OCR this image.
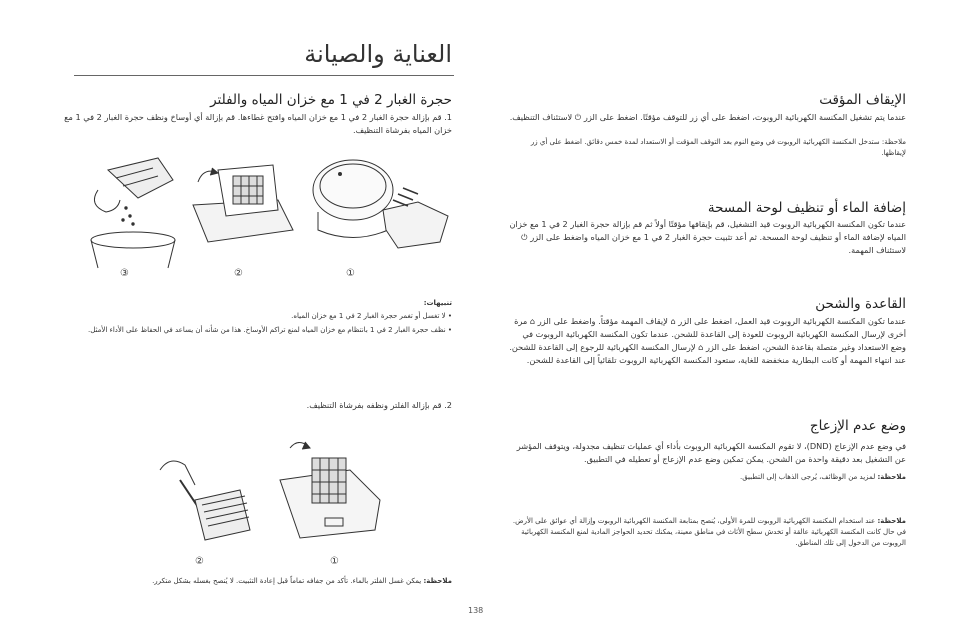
العناية والصيانة
حجرة الغبار 2 في 1 مع خزان المياه والفلتر
1. قم بإزالة حجرة الغبار 2 في 1 مع خزان المياه وافتح غطاءها. قم بإزالة أي أوساخ ونظف حجرة الغبار 2 في 1 مع خزان المياه بفرشاة التنظيف.
③	②	①
تنبيهات:
• لا تغسل أو تغمر حجرة الغبار 2 في 1 مع خزان المياه.
• نظف حجرة الغبار 2 في 1 بانتظام مع خزان المياه لمنع تراكم الأوساخ. هذا من شأنه أن يساعد في الحفاظ على الأداء الأمثل.
2. قم بإزالة الفلتر ونظفه بفرشاة التنظيف.
②	①
ملاحظة: يمكن غسل الفلتر بالماء. تأكد من جفافه تماماً قبل إعادة التثبيت. لا يُنصح بغسله بشكل متكرر.
الإيقاف المؤقت
عندما يتم تشغيل المكنسة الكهربائية الروبوت، اضغط على أي زر للتوقف مؤقتًا. اضغط على الزر ⏻ لاستئناف التنظيف.
ملاحظة: ستدخل المكنسة الكهربائية الروبوت في وضع النوم بعد التوقف المؤقت أو الاستعداد لمدة خمس دقائق. اضغط على أي زر لإيقاظها.
إضافة الماء أو تنظيف لوحة المسحة
عندما تكون المكنسة الكهربائية الروبوت قيد التشغيل، قم بإيقافها مؤقتًا أولاً ثم قم بإزالة حجرة الغبار 2 في 1 مع خزان المياه لإضافة الماء أو تنظيف لوحة المسحة. ثم أعد تثبيت حجرة الغبار 2 في 1 مع خزان المياه واضغط على الزر ⏻ لاستئناف المهمة.
القاعدة والشحن
عندما تكون المكنسة الكهربائية الروبوت قيد العمل، اضغط على الزر ⌂ لإيقاف المهمة مؤقتاً. واضغط على الزر ⌂ مرة أخرى لإرسال المكنسة الكهربائية الروبوت للعودة إلى القاعدة للشحن. عندما تكون المكنسة الكهربائية الروبوت في وضع الاستعداد وغير متصلة بقاعدة الشحن، اضغط على الزر ⌂ لإرسال المكنسة الكهربائية للرجوع إلى القاعدة للشحن. عند انتهاء المهمة أو كانت البطارية منخفضة للغاية، ستعود المكنسة الكهربائية الروبوت تلقائياً إلى القاعدة للشحن.
وضع عدم الإزعاج
في وضع عدم الإزعاج (DND)، لا تقوم المكنسة الكهربائية الروبوت بأداء أي عمليات تنظيف مجدولة، ويتوقف المؤشر عن التشغيل بعد دقيقة واحدة من الشحن. يمكن تمكين وضع عدم الإزعاج أو تعطيله في التطبيق.
ملاحظة: لمزيد من الوظائف، يُرجى الذهاب إلى التطبيق.
ملاحظة: عند استخدام المكنسة الكهربائية الروبوت للمرة الأولى، يُنصح بمتابعة المكنسة الكهربائية الروبوت وإزالة أي عوائق على الأرض. في حال كانت المكنسة الكهربائية عالقة أو تخدش سطح الأثاث في مناطق معينة، يمكنك تحديد الحواجز المادية لمنع المكنسة الكهربائية الروبوت من الدخول إلى تلك المناطق.
138
